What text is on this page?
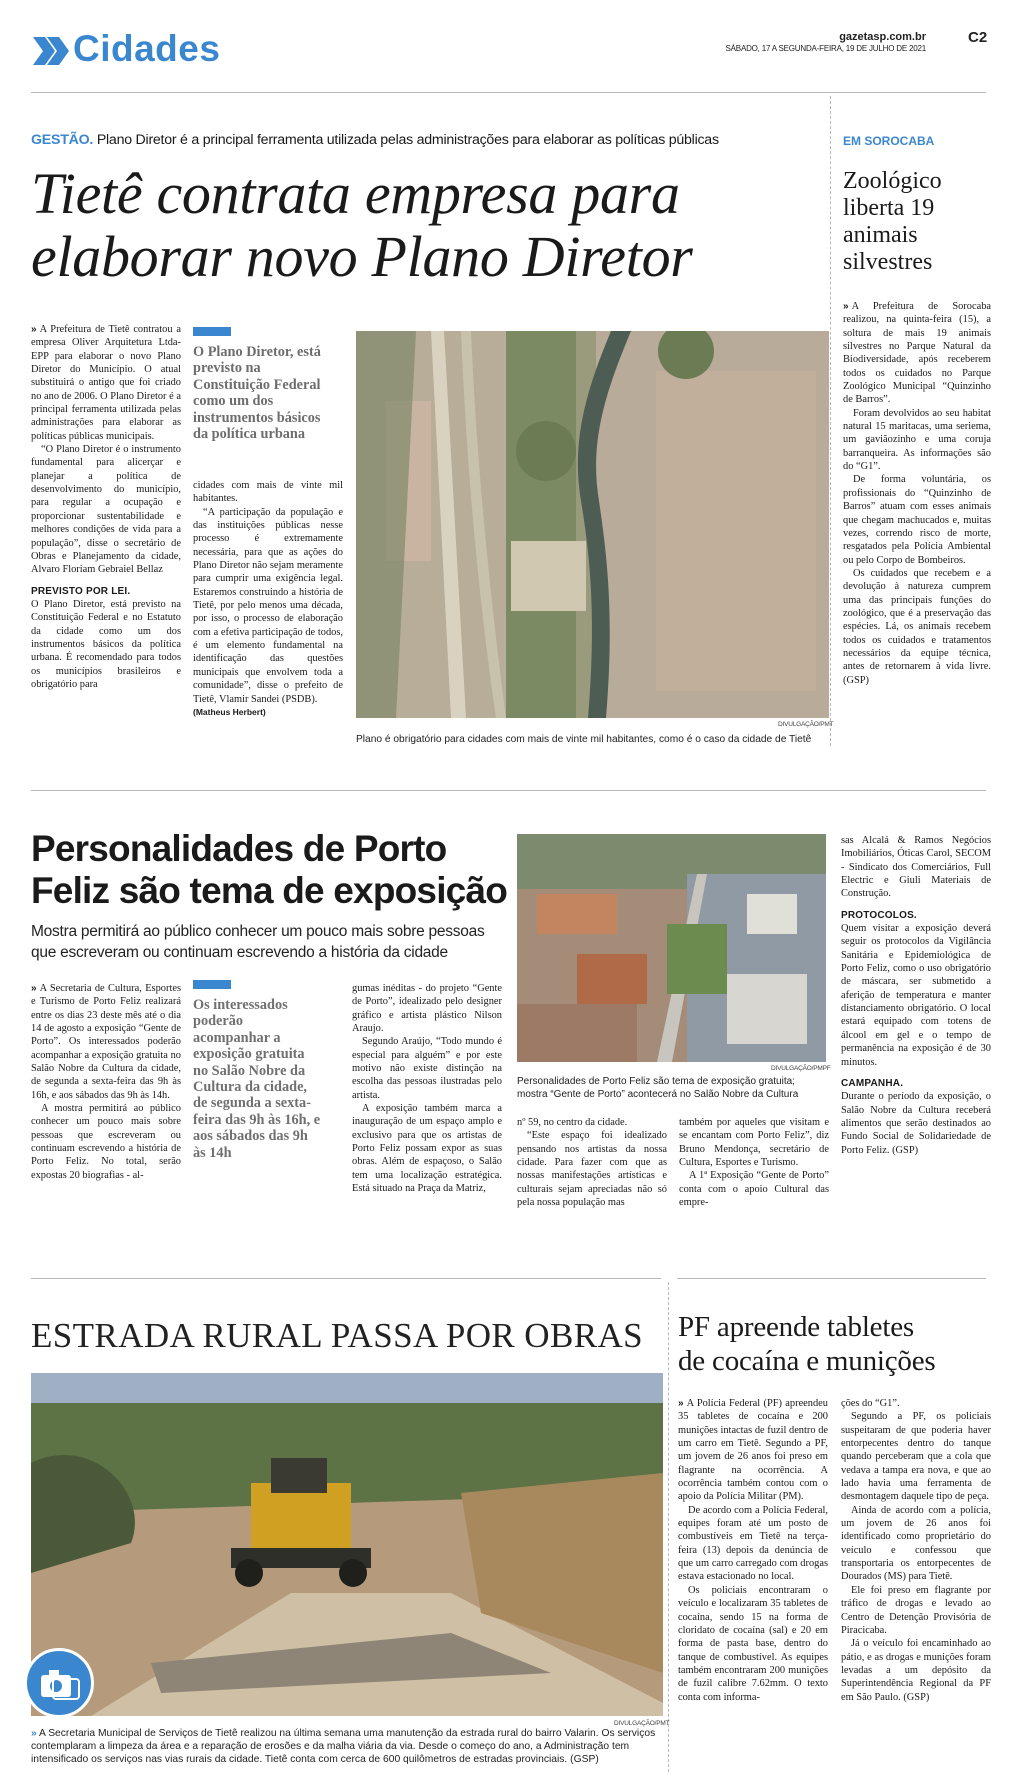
Cidades	gazetasp.com.br
SÁBADO, 17 A SEGUNDA-FEIRA, 19 DE JULHO DE 2021
C2
GESTÃO. Plano Diretor é a principal ferramenta utilizada pelas administrações para elaborar as políticas públicas
Tietê contrata empresa para
elaborar novo Plano Diretor

» A Prefeitura de Tietê contratou a empresa Oliver Arquitetura Ltda-EPP para elaborar o novo Plano Diretor do Município. O atual substituirá o antigo que foi criado no ano de 2006. O Plano Diretor é a principal ferramenta utilizada pelas administrações para elaborar as políticas públicas municipais.

“O Plano Diretor é o instrumento fundamental para alicerçar e planejar a política de desenvolvimento do município, para regular a ocupação e proporcionar sustentabilidade e melhores condições de vida para a população”, disse o secretário de Obras e Planejamento da cidade, Alvaro Floriam Gebraiel Bellaz

PREVISTO POR LEI.

O Plano Diretor, está previsto na Constituição Federal e no Estatuto da cidade como um dos instrumentos básicos da política urbana. É recomendado para todos os municípios brasileiros e obrigatório para

O Plano Diretor, está previsto na Constituição Federal como um dos instrumentos básicos da política urbana

cidades com mais de vinte mil habitantes.

“A participação da população e das instituições públicas nesse processo é extremamente necessária, para que as ações do Plano Diretor não sejam meramente para cumprir uma exigência legal. Estaremos construindo a história de Tietê, por pelo menos uma década, por isso, o processo de elaboração com a efetiva participação de todos, é um elemento fundamental na identificação das questões municipais que envolvem toda a comunidade”, disse o prefeito de Tietê, Vlamir Sandei (PSDB).

(Matheus Herbert)

DIVULGAÇÃO/PMT
Plano é obrigatório para cidades com mais de vinte mil habitantes, como é o caso da cidade de Tietê
EM SOROCABA
Zoológico liberta 19 animais silvestres

» A Prefeitura de Sorocaba realizou, na quinta-feira (15), a soltura de mais 19 animais silvestres no Parque Natural da Biodiversidade, após receberem todos os cuidados no Parque Zoológico Municipal “Quinzinho de Barros”.

Foram devolvidos ao seu habitat natural 15 maritacas, uma seriema, um gaviãozinho e uma coruja barranqueira. As informações são do “G1”.

De forma voluntária, os profissionais do “Quinzinho de Barros” atuam com esses animais que chegam machucados e, muitas vezes, correndo risco de morte, resgatados pela Polícia Ambiental ou pelo Corpo de Bombeiros.

Os cuidados que recebem e a devolução à natureza cumprem uma das principais funções do zoológico, que é a preservação das espécies. Lá, os animais recebem todos os cuidados e tratamentos necessários da equipe técnica, antes de retornarem à vida livre. (GSP)

Personalidades de Porto
Feliz são tema de exposição
Mostra permitirá ao público conhecer um pouco mais sobre pessoas
que escreveram ou continuam escrevendo a história da cidade

» A Secretaria de Cultura, Esportes e Turismo de Porto Feliz realizará entre os dias 23 deste mês até o dia 14 de agosto a exposição “Gente de Porto”. Os interessados poderão acompanhar a exposição gratuita no Salão Nobre da Cultura da cidade, de segunda a sexta-feira das 9h às 16h, e aos sábados das 9h às 14h.

A mostra permitirá ao público conhecer um pouco mais sobre pessoas que escreveram ou continuam escrevendo a história de Porto Feliz. No total, serão expostas 20 biografias - al-

Os interessados poderão acompanhar a exposição gratuita no Salão Nobre da Cultura da cidade, de segunda a sexta-feira das 9h às 16h, e aos sábados das 9h às 14h

gumas inéditas - do projeto “Gente de Porto”, idealizado pelo designer gráfico e artista plástico Nilson Araujo.

Segundo Araújo, “Todo mundo é especial para alguém” e por este motivo não existe distinção na escolha das pessoas ilustradas pelo artista.

A exposição também marca a inauguração de um espaço amplo e exclusivo para que os artistas de Porto Feliz possam expor as suas obras. Além de espaçoso, o Salão tem uma localização estratégica. Está situado na Praça da Matriz,

DIVULGAÇÃO/PMPF
Personalidades de Porto Feliz são tema de exposição gratuita;
mostra “Gente de Porto” acontecerá no Salão Nobre da Cultura

nº 59, no centro da cidade.

“Este espaço foi idealizado pensando nos artistas da nossa cidade. Para fazer com que as nossas manifestações artísticas e culturais sejam apreciadas não só pela nossa população mas

também por aqueles que visitam e se encantam com Porto Feliz”, diz Bruno Mendonça, secretário de Cultura, Esportes e Turismo.

A 1ª Exposição “Gente de Porto” conta com o apoio Cultural das empre-

sas Alcalá & Ramos Negócios Imobiliários, Óticas Carol, SECOM - Sindicato dos Comerciários, Full Electric e Giuli Materiais de Construção.

PROTOCOLOS.

Quem visitar a exposição deverá seguir os protocolos da Vigilância Sanitária e Epidemiológica de Porto Feliz, como o uso obrigatório de máscara, ser submetido a aferição de temperatura e manter distanciamento obrigatório. O local estará equipado com totens de álcool em gel e o tempo de permanência na exposição é de 30 minutos.

CAMPANHA.

Durante o período da exposição, o Salão Nobre da Cultura receberá alimentos que serão destinados ao Fundo Social de Solidariedade de Porto Feliz. (GSP)

ESTRADA RURAL PASSA POR OBRAS
DIVULGAÇÃO/PMT
» A Secretaria Municipal de Serviços de Tietê realizou na última semana uma manutenção da estrada rural do bairro Valarin. Os serviços contemplaram a limpeza da área e a reparação de erosões e da malha viária da via. Desde o começo do ano, a Administração tem intensificado os serviços nas vias rurais da cidade. Tietê conta com cerca de 600 quilômetros de estradas provinciais. (GSP)
PF apreende tabletes
de cocaína e munições

» A Polícia Federal (PF) apreendeu 35 tabletes de cocaína e 200 munições intactas de fuzil dentro de um carro em Tietê. Segundo a PF, um jovem de 26 anos foi preso em flagrante na ocorrência. A ocorrência também contou com o apoio da Polícia Militar (PM).

De acordo com a Polícia Federal, equipes foram até um posto de combustíveis em Tietê na terça-feira (13) depois da denúncia de que um carro carregado com drogas estava estacionado no local.

Os policiais encontraram o veículo e localizaram 35 tabletes de cocaína, sendo 15 na forma de cloridato de cocaína (sal) e 20 em forma de pasta base, dentro do tanque de combustível. As equipes também encontraram 200 munições de fuzil calibre 7.62mm. O texto conta com informa-

ções do “G1”.

Segundo a PF, os policiais suspeitaram de que poderia haver entorpecentes dentro do tanque quando perceberam que a cola que vedava a tampa era nova, e que ao lado havia uma ferramenta de desmontagem daquele tipo de peça.

Ainda de acordo com a polícia, um jovem de 26 anos foi identificado como proprietário do veículo e confessou que transportaria os entorpecentes de Dourados (MS) para Tietê.

Ele foi preso em flagrante por tráfico de drogas e levado ao Centro de Detenção Provisória de Piracicaba.

Já o veículo foi encaminhado ao pátio, e as drogas e munições foram levadas a um depósito da Superintendência Regional da PF em São Paulo. (GSP)
